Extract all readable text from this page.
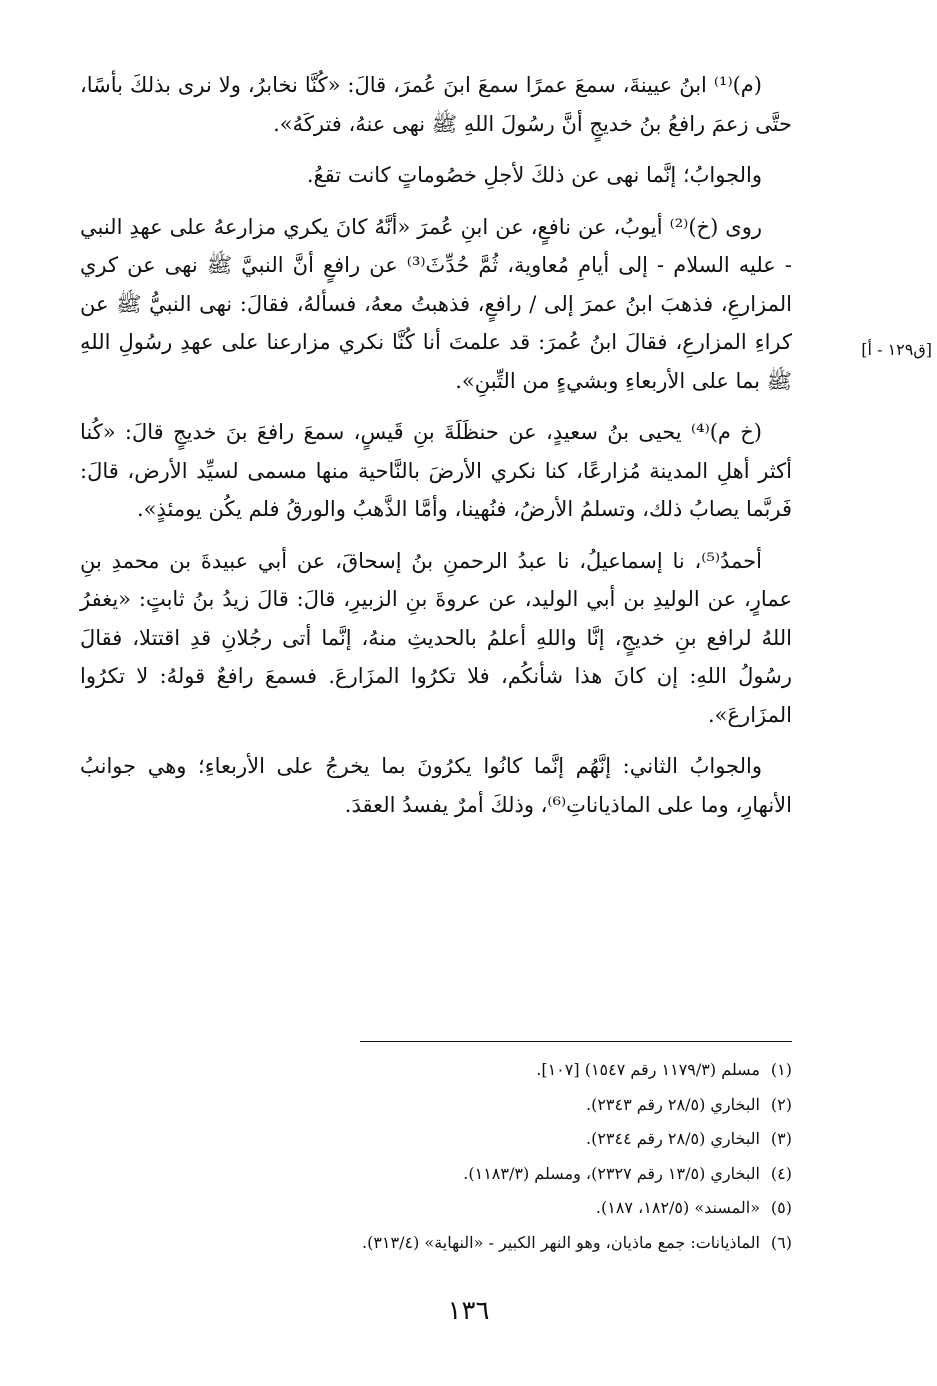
(م)⁽¹⁾ ابنُ عيينةَ، سمعَ عمرًا سمعَ ابنَ عُمرَ، قالَ: «كُنَّا نخابرُ، ولا نرى بذلكَ بأسًا، حتَّى زعمَ رافعُ بنُ خديجٍ أنَّ رسُولَ اللهِ ﷺ نهى عنهُ، فتركَهُ».

والجوابُ؛ إنَّما نهى عن ذلكَ لأجلِ خصُوماتٍ كانت تقعُ.

روى (خ)⁽²⁾ أيوبُ، عن نافعٍ، عن ابنِ عُمرَ «أنَّهُ كانَ يكري مزارعهُ على عهدِ النبي - عليه السلام - إلى أيامِ مُعاوية، ثُمَّ حُدِّثَ⁽³⁾ عن رافعٍ أنَّ النبيَّ ﷺ نهى عن كري المزارعِ، فذهبَ ابنُ عمرَ إلى / رافعٍ، فذهبتُ معهُ، فسألهُ، فقالَ: نهى النبيُّ ﷺ عن كراءِ المزارعِ، فقالَ ابنُ عُمرَ: قد علمتَ أنا كُنَّا نكري مزارعنا على عهدِ رسُولِ اللهِ ﷺ بما على الأربعاءِ وبشيءٍ من التِّبنِ».

(خ م)⁽⁴⁾ يحيى بنُ سعيدٍ، عن حنظَلَةَ بنِ قَيسٍ، سمعَ رافعَ بنَ خديجٍ قالَ: «كُنا أكثر أهلِ المدينة مُزارعًا، كنا نكري الأرضَ بالنَّاحية منها مسمى لسيِّد الأرض، قالَ: فَربَّما يصابُ ذلك، وتسلمُ الأرضُ، فنُهينا، وأمَّا الذَّهبُ والورقُ فلم يكُن يومئذٍ».

أحمدُ⁽⁵⁾، نا إسماعيلُ، نا عبدُ الرحمنِ بنُ إسحاقَ، عن أبي عبيدةَ بن محمدِ بنِ عمارٍ، عن الوليدِ بن أبي الوليد، عن عروةَ بنِ الزبيرِ، قالَ: قالَ زيدُ بنُ ثابتٍ: «يغفرُ اللهُ لرافع بنِ خديجٍ، إنَّا واللهِ أعلمُ بالحديثِ منهُ، إنَّما أتى رجُلانِ قدِ اقتتلا، فقالَ رسُولُ اللهِ: إن كانَ هذا شأنكُم، فلا تكرُوا المزَارعَ. فسمعَ رافعٌ قولهُ: لا تكرُوا المزَارعَ».

والجوابُ الثاني: إنَّهُم إنَّما كانُوا يكرُونَ بما يخرجُ على الأربعاءِ؛ وهي جوانبُ الأنهارِ، وما على الماذياناتِ⁽⁶⁾، وذلكَ أمرٌ يفسدُ العقدَ.

[ق١٢٩ - أ]
(١)مسلم (١١٧٩/٣ رقم ١٥٤٧) [١٠٧].
(٢)البخاري (٢٨/٥ رقم ٢٣٤٣).
(٣)البخاري (٢٨/٥ رقم ٢٣٤٤).
(٤)البخاري (١٣/٥ رقم ٢٣٢٧)، ومسلم (١١٨٣/٣).
(٥)«المسند» (١٨٢/٥، ١٨٧).
(٦)الماذيانات: جمع ماذيان، وهو النهر الكبير - «النهاية» (٣١٣/٤).
١٣٦
